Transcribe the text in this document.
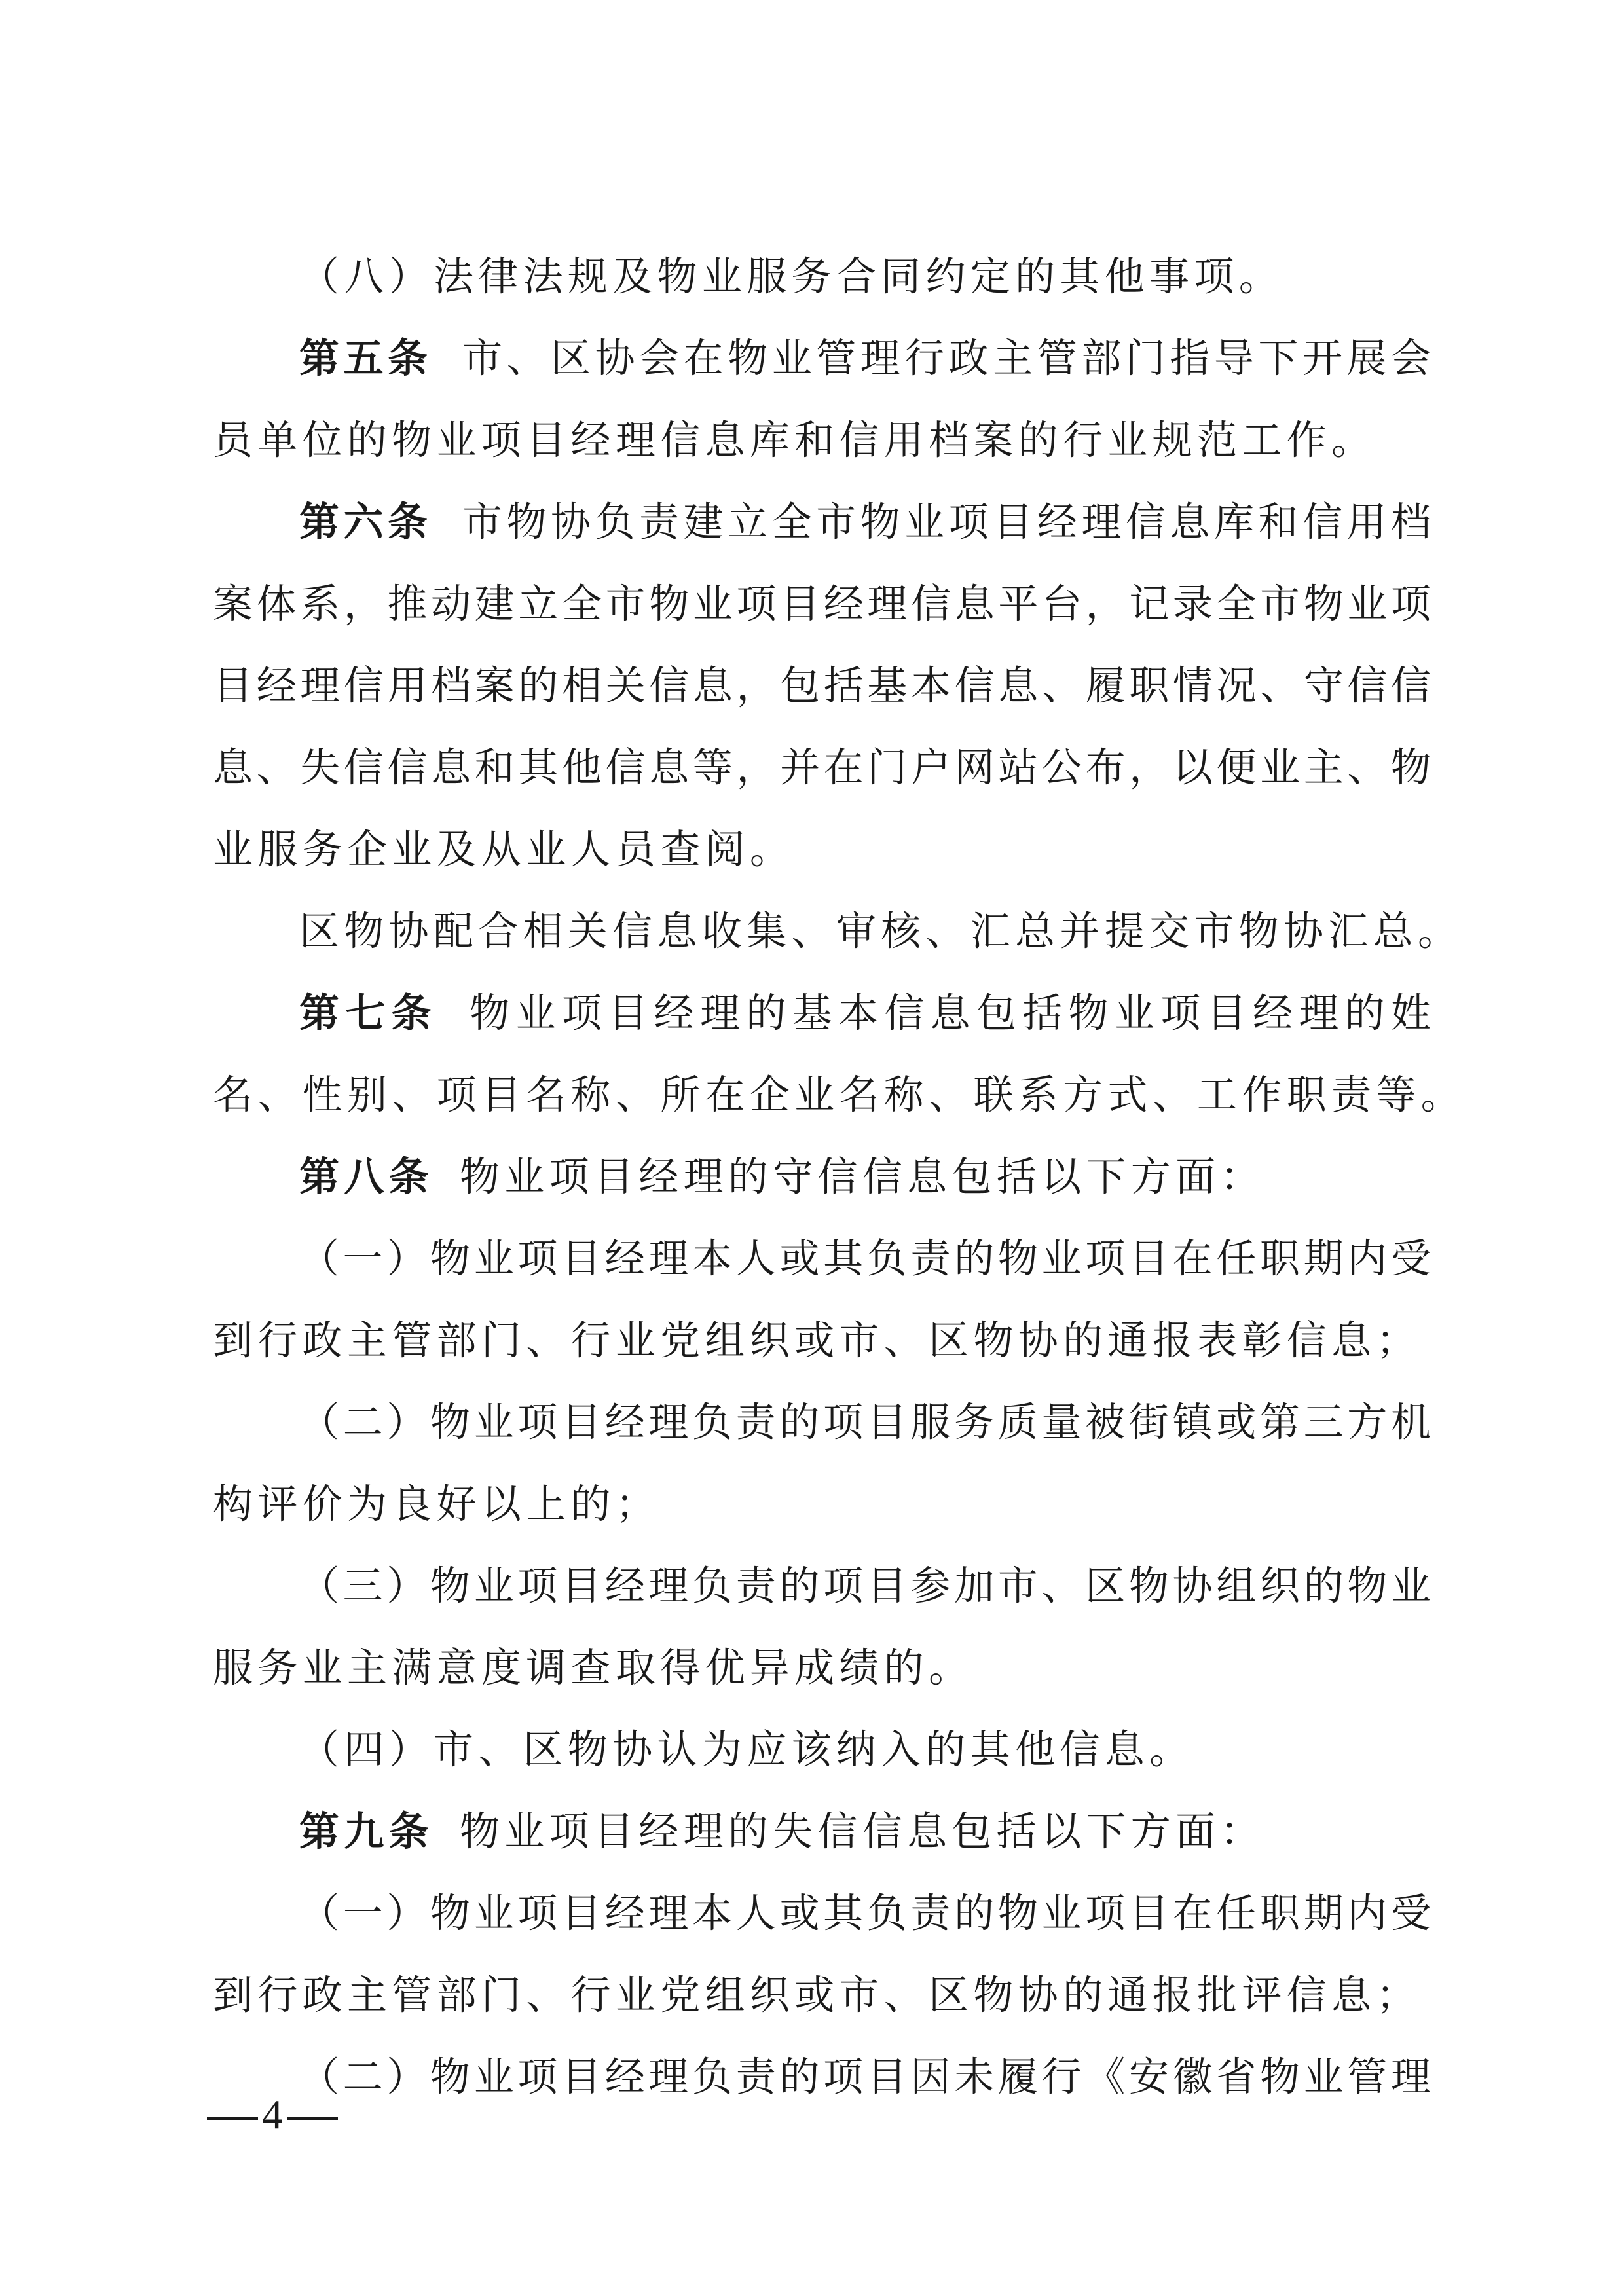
（八）法律法规及物业服务合同约定的其他事项。
第五条 市、区协会在物业管理行政主管部门指导下开展会
员单位的物业项目经理信息库和信用档案的行业规范工作。
第六条 市物协负责建立全市物业项目经理信息库和信用档
案体系，推动建立全市物业项目经理信息平台，记录全市物业项
目经理信用档案的相关信息，包括基本信息、履职情况、守信信
息、失信信息和其他信息等，并在门户网站公布，以便业主、物
业服务企业及从业人员查阅。
区物协配合相关信息收集、审核、汇总并提交市物协汇总。
第七条 物业项目经理的基本信息包括物业项目经理的姓
名、性别、项目名称、所在企业名称、联系方式、工作职责等。
第八条 物业项目经理的守信信息包括以下方面：
（一）物业项目经理本人或其负责的物业项目在任职期内受
到行政主管部门、行业党组织或市、区物协的通报表彰信息；
（二）物业项目经理负责的项目服务质量被街镇或第三方机
构评价为良好以上的；
（三）物业项目经理负责的项目参加市、区物协组织的物业
服务业主满意度调查取得优异成绩的。
（四）市、区物协认为应该纳入的其他信息。
第九条 物业项目经理的失信信息包括以下方面：
（一）物业项目经理本人或其负责的物业项目在任职期内受
到行政主管部门、行业党组织或市、区物协的通报批评信息；
（二）物业项目经理负责的项目因未履行《安徽省物业管理
4
